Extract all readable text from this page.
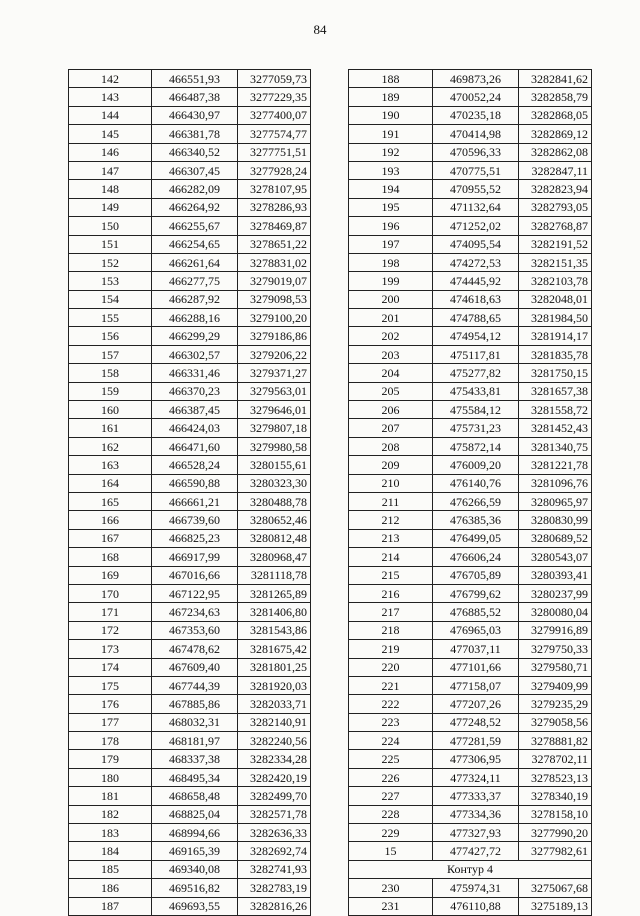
84
142	466551,93	3277059,73
143	466487,38	3277229,35
144	466430,97	3277400,07
145	466381,78	3277574,77
146	466340,52	3277751,51
147	466307,45	3277928,24
148	466282,09	3278107,95
149	466264,92	3278286,93
150	466255,67	3278469,87
151	466254,65	3278651,22
152	466261,64	3278831,02
153	466277,75	3279019,07
154	466287,92	3279098,53
155	466288,16	3279100,20
156	466299,29	3279186,86
157	466302,57	3279206,22
158	466331,46	3279371,27
159	466370,23	3279563,01
160	466387,45	3279646,01
161	466424,03	3279807,18
162	466471,60	3279980,58
163	466528,24	3280155,61
164	466590,88	3280323,30
165	466661,21	3280488,78
166	466739,60	3280652,46
167	466825,23	3280812,48
168	466917,99	3280968,47
169	467016,66	3281118,78
170	467122,95	3281265,89
171	467234,63	3281406,80
172	467353,60	3281543,86
173	467478,62	3281675,42
174	467609,40	3281801,25
175	467744,39	3281920,03
176	467885,86	3282033,71
177	468032,31	3282140,91
178	468181,97	3282240,56
179	468337,38	3282334,28
180	468495,34	3282420,19
181	468658,48	3282499,70
182	468825,04	3282571,78
183	468994,66	3282636,33
184	469165,39	3282692,74
185	469340,08	3282741,93
186	469516,82	3282783,19
187	469693,55	3282816,26
188	469873,26	3282841,62
189	470052,24	3282858,79
190	470235,18	3282868,05
191	470414,98	3282869,12
192	470596,33	3282862,08
193	470775,51	3282847,11
194	470955,52	3282823,94
195	471132,64	3282793,05
196	471252,02	3282768,87
197	474095,54	3282191,52
198	474272,53	3282151,35
199	474445,92	3282103,78
200	474618,63	3282048,01
201	474788,65	3281984,50
202	474954,12	3281914,17
203	475117,81	3281835,78
204	475277,82	3281750,15
205	475433,81	3281657,38
206	475584,12	3281558,72
207	475731,23	3281452,43
208	475872,14	3281340,75
209	476009,20	3281221,78
210	476140,76	3281096,76
211	476266,59	3280965,97
212	476385,36	3280830,99
213	476499,05	3280689,52
214	476606,24	3280543,07
215	476705,89	3280393,41
216	476799,62	3280237,99
217	476885,52	3280080,04
218	476965,03	3279916,89
219	477037,11	3279750,33
220	477101,66	3279580,71
221	477158,07	3279409,99
222	477207,26	3279235,29
223	477248,52	3279058,56
224	477281,59	3278881,82
225	477306,95	3278702,11
226	477324,11	3278523,13
227	477333,37	3278340,19
228	477334,36	3278158,10
229	477327,93	3277990,20
15	477427,72	3277982,61
Контур 4		
230	475974,31	3275067,68
231	476110,88	3275189,13
